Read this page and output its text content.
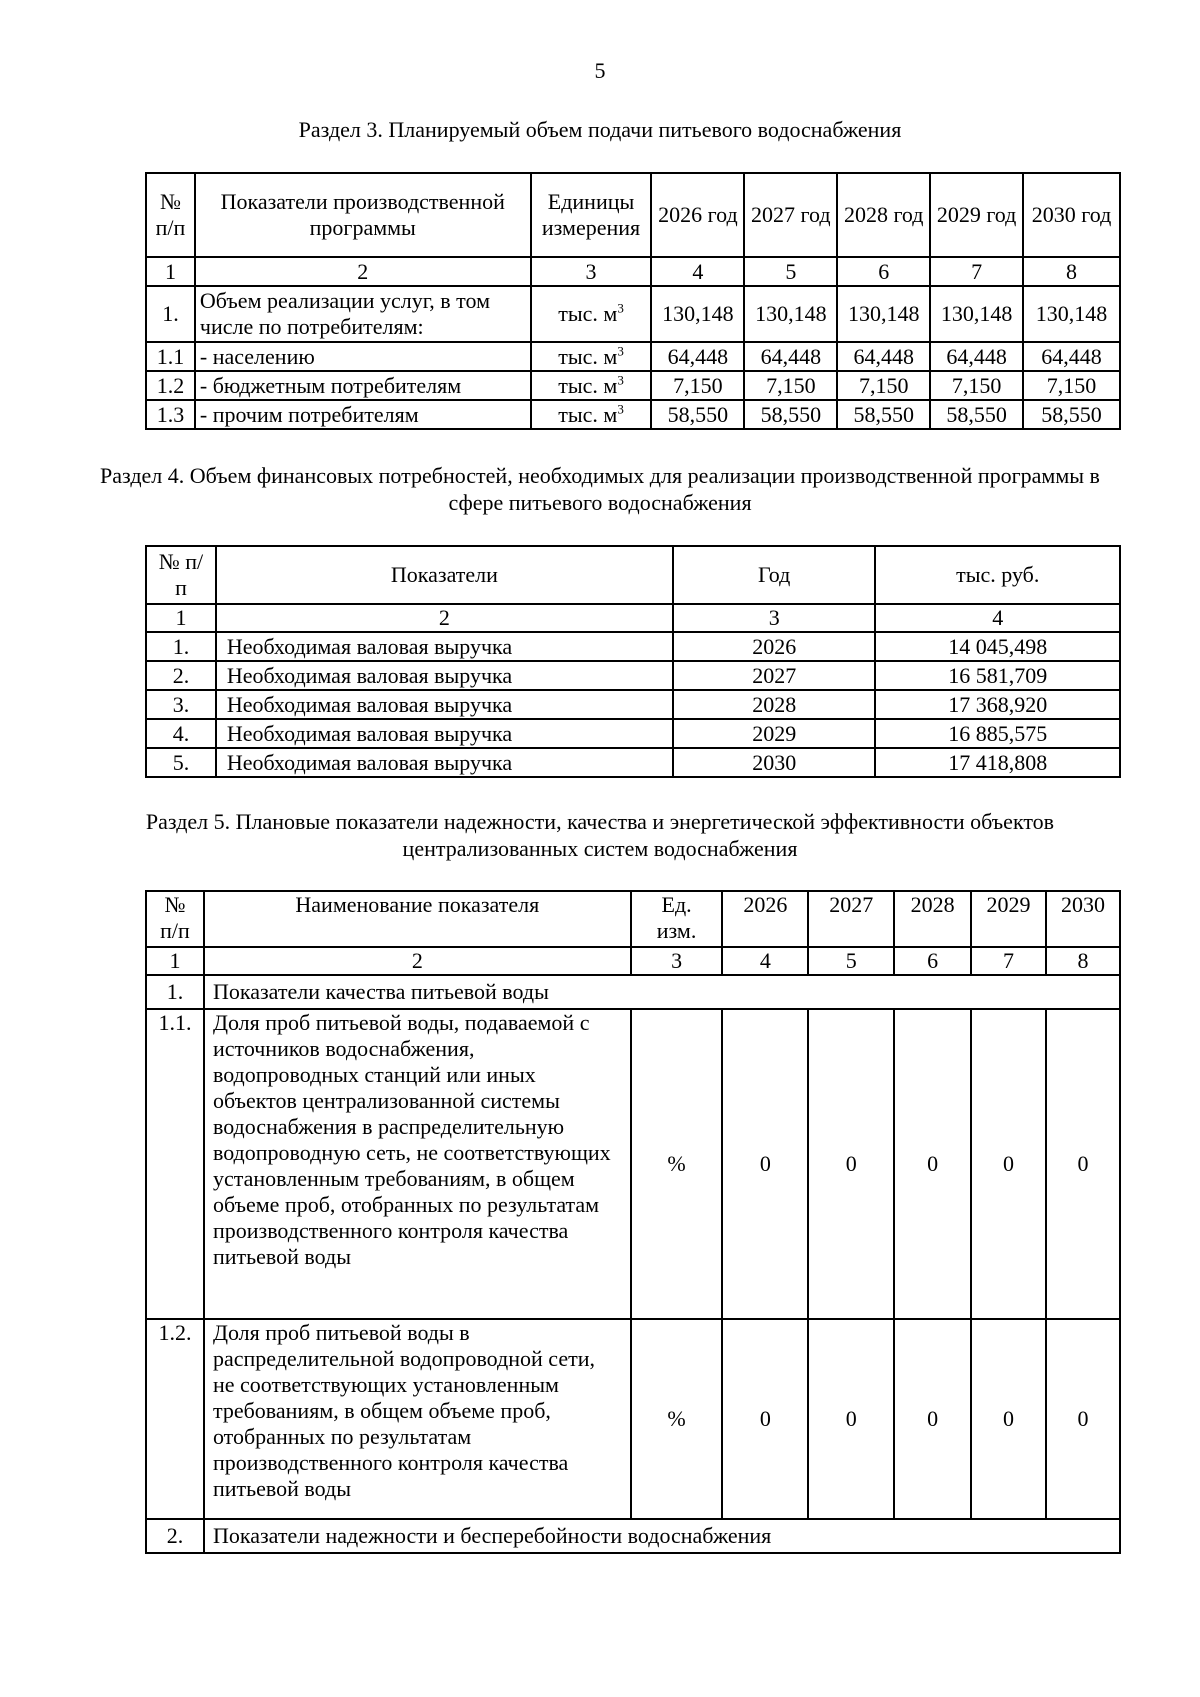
5
Раздел 3. Планируемый объем подачи питьевого водоснабжения
№ п/п	Показатели производственной программы	Единицы измерения	2026 год	2027 год	2028 год	2029 год	2030 год
1	2	3	4	5	6	7	8
1.	Объем реализации услуг, в том числе по потребителям:	тыс. $м^3$	130,148	130,148	130,148	130,148	130,148
1.1	- населению	тыс. $м^3$	64,448	64,448	64,448	64,448	64,448
1.2	- бюджетным потребителям	тыс. $м^3$	7,150	7,150	7,150	7,150	7,150
1.3	- прочим потребителям	тыс. $м^3$	58,550	58,550	58,550	58,550	58,550
Раздел 4. Объем финансовых потребностей, необходимых для реализации производственной программы в сфере питьевого водоснабжения
№ п/п	Показатели	Год	тыс. руб.
1	2	3	4
1.	Необходимая валовая выручка	2026	14 045,498
2.	Необходимая валовая выручка	2027	16 581,709
3.	Необходимая валовая выручка	2028	17 368,920
4.	Необходимая валовая выручка	2029	16 885,575
5.	Необходимая валовая выручка	2030	17 418,808
Раздел 5. Плановые показатели надежности, качества и энергетической эффективности объектов централизованных систем водоснабжения
№ п/п	Наименование показателя	Ед. изм.	2026	2027	2028	2029	2030
1	2	3	4	5	6	7	8
1.	Показатели качества питьевой воды						
1.1.	Доля проб питьевой воды, подаваемой с источников водоснабжения, водопроводных станций или иных объектов централизованной системы водоснабжения в распределительную водопроводную сеть, не соответствующих установленным требованиям, в общем объеме проб, отобранных по результатам производственного контроля качества питьевой воды	%	0	0	0	0	0
1.2.	Доля проб питьевой воды в распределительной водопроводной сети, не соответствующих установленным требованиям, в общем объеме проб, отобранных по результатам производственного контроля качества питьевой воды	%	0	0	0	0	0
2.	Показатели надежности и бесперебойности водоснабжения						
